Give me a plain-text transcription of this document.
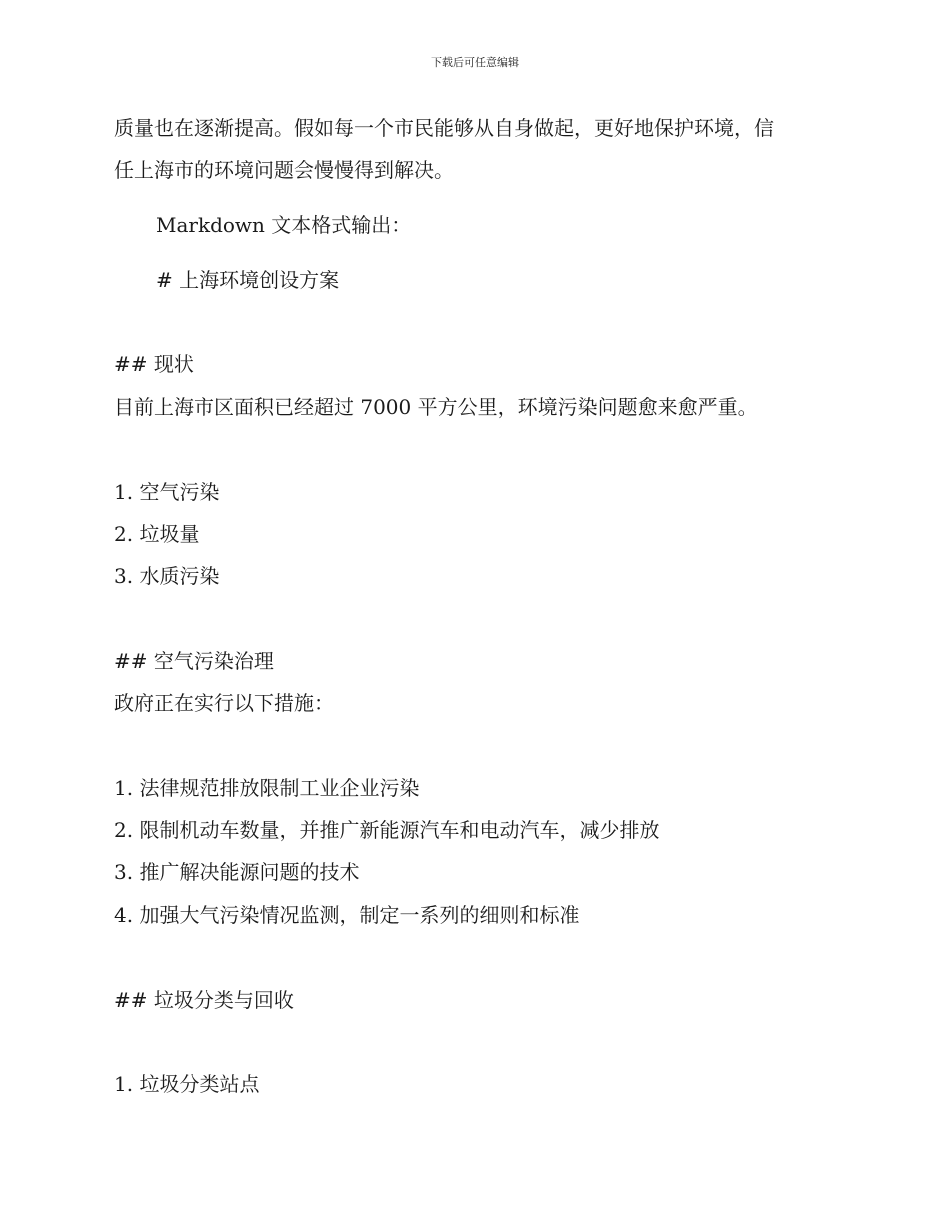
下载后可任意编辑
质量也在逐渐提高。假如每一个市民能够从自身做起，更好地保护环境，信
任上海市的环境问题会慢慢得到解决。
Markdown 文本格式输出：
# 上海环境创设方案
## 现状
目前上海市区面积已经超过 7000 平方公里，环境污染问题愈来愈严重。
1. 空气污染
2. 垃圾量
3. 水质污染
## 空气污染治理
政府正在实行以下措施：
1. 法律规范排放限制工业企业污染
2. 限制机动车数量，并推广新能源汽车和电动汽车，减少排放
3. 推广解决能源问题的技术
4. 加强大气污染情况监测，制定一系列的细则和标准
## 垃圾分类与回收
1. 垃圾分类站点
